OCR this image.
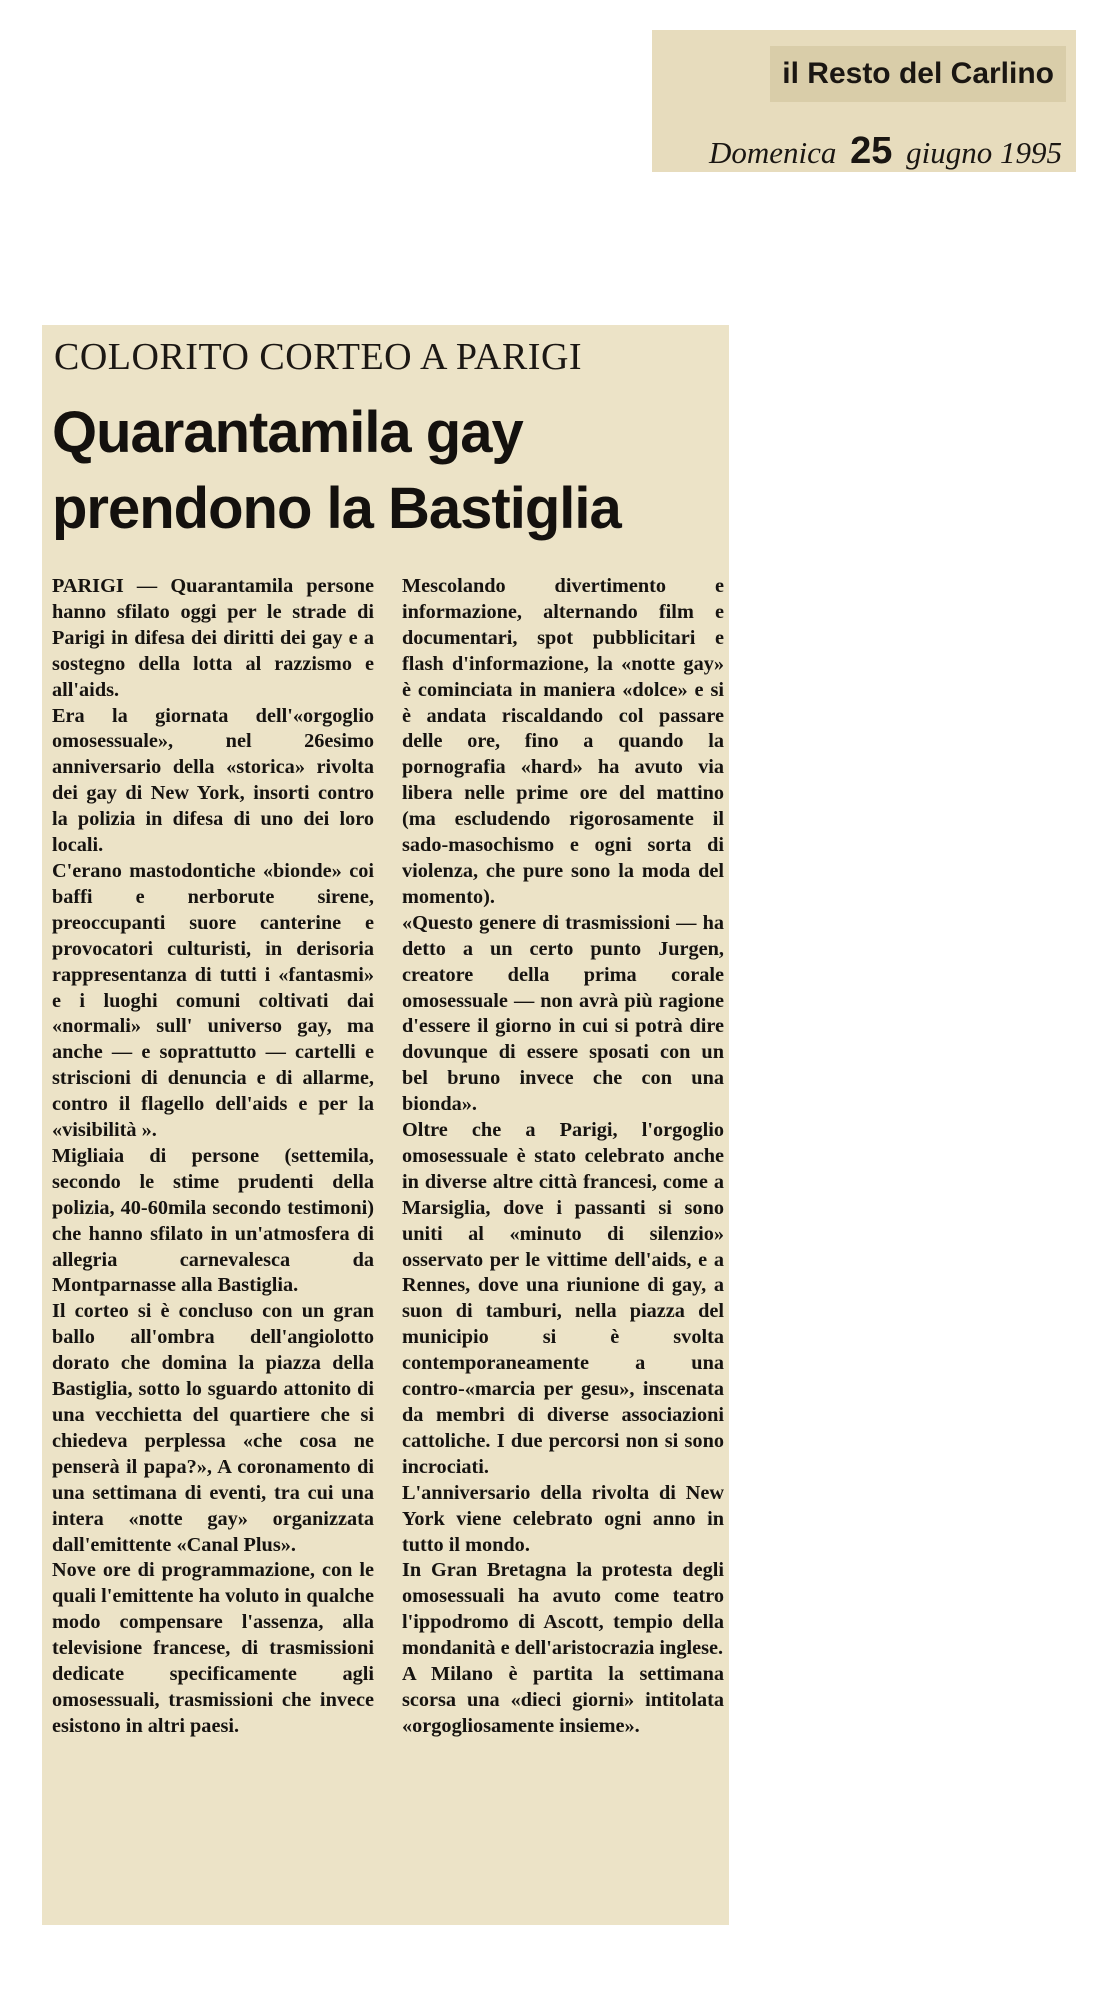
il Resto del Carlino
Domenica 25 giugno 1995
COLORITO CORTEO A PARIGI
Quarantamila gay
prendono la Bastiglia

PARIGI — Quarantamila persone hanno sfilato oggi per le strade di Parigi in difesa dei diritti dei gay e a sostegno della lotta al razzismo e all'aids.

Era la giornata dell'«orgoglio omosessuale», nel 26esimo anniversario della «storica» rivolta dei gay di New York, insorti contro la polizia in difesa di uno dei loro locali.

C'erano mastodontiche «bionde» coi baffi e nerborute sirene, preoccupanti suore canterine e provocatori culturisti, in derisoria rappresentanza di tutti i «fantasmi» e i luoghi comuni coltivati dai «normali» sull' universo gay, ma anche — e soprattutto — cartelli e striscioni di denuncia e di allarme, contro il flagello dell'aids e per la «visibilità ».

Migliaia di persone (settemila, secondo le stime prudenti della polizia, 40-60mila secondo testimoni) che hanno sfilato in un'atmosfera di allegria carnevalesca da Montparnasse alla Bastiglia.

Il corteo si è concluso con un gran ballo all'ombra dell'angiolotto dorato che domina la piazza della Bastiglia, sotto lo sguardo attonito di una vecchietta del quartiere che si chiedeva perplessa «che cosa ne penserà il papa?», A coronamento di una settimana di eventi, tra cui una intera «notte gay» organizzata dall'emittente «Canal Plus».

Nove ore di programmazione, con le quali l'emittente ha voluto in qualche modo compensare l'assenza, alla televisione francese, di trasmissioni dedicate specificamente agli omosessuali, trasmissioni che invece esistono in altri paesi.

Mescolando divertimento e informazione, alternando film e documentari, spot pubblicitari e flash d'informazione, la «notte gay» è cominciata in maniera «dolce» e si è andata riscaldando col passare delle ore, fino a quando la pornografia «hard» ha avuto via libera nelle prime ore del mattino (ma escludendo rigorosamente il sado-masochismo e ogni sorta di violenza, che pure sono la moda del momento).

«Questo genere di trasmissioni — ha detto a un certo punto Jurgen, creatore della prima corale omosessuale — non avrà più ragione d'essere il giorno in cui si potrà dire dovunque di essere sposati con un bel bruno invece che con una bionda».

Oltre che a Parigi, l'orgoglio omosessuale è stato celebrato anche in diverse altre città francesi, come a Marsiglia, dove i passanti si sono uniti al «minuto di silenzio» osservato per le vittime dell'aids, e a Rennes, dove una riunione di gay, a suon di tamburi, nella piazza del municipio si è svolta contemporaneamente a una contro-«marcia per gesu», inscenata da membri di diverse associazioni cattoliche. I due percorsi non si sono incrociati.

L'anniversario della rivolta di New York viene celebrato ogni anno in tutto il mondo.

In Gran Bretagna la protesta degli omosessuali ha avuto come teatro l'ippodromo di Ascott, tempio della mondanità e dell'aristocrazia inglese.

A Milano è partita la settimana scorsa una «dieci giorni» intitolata «orgogliosamente insieme».
